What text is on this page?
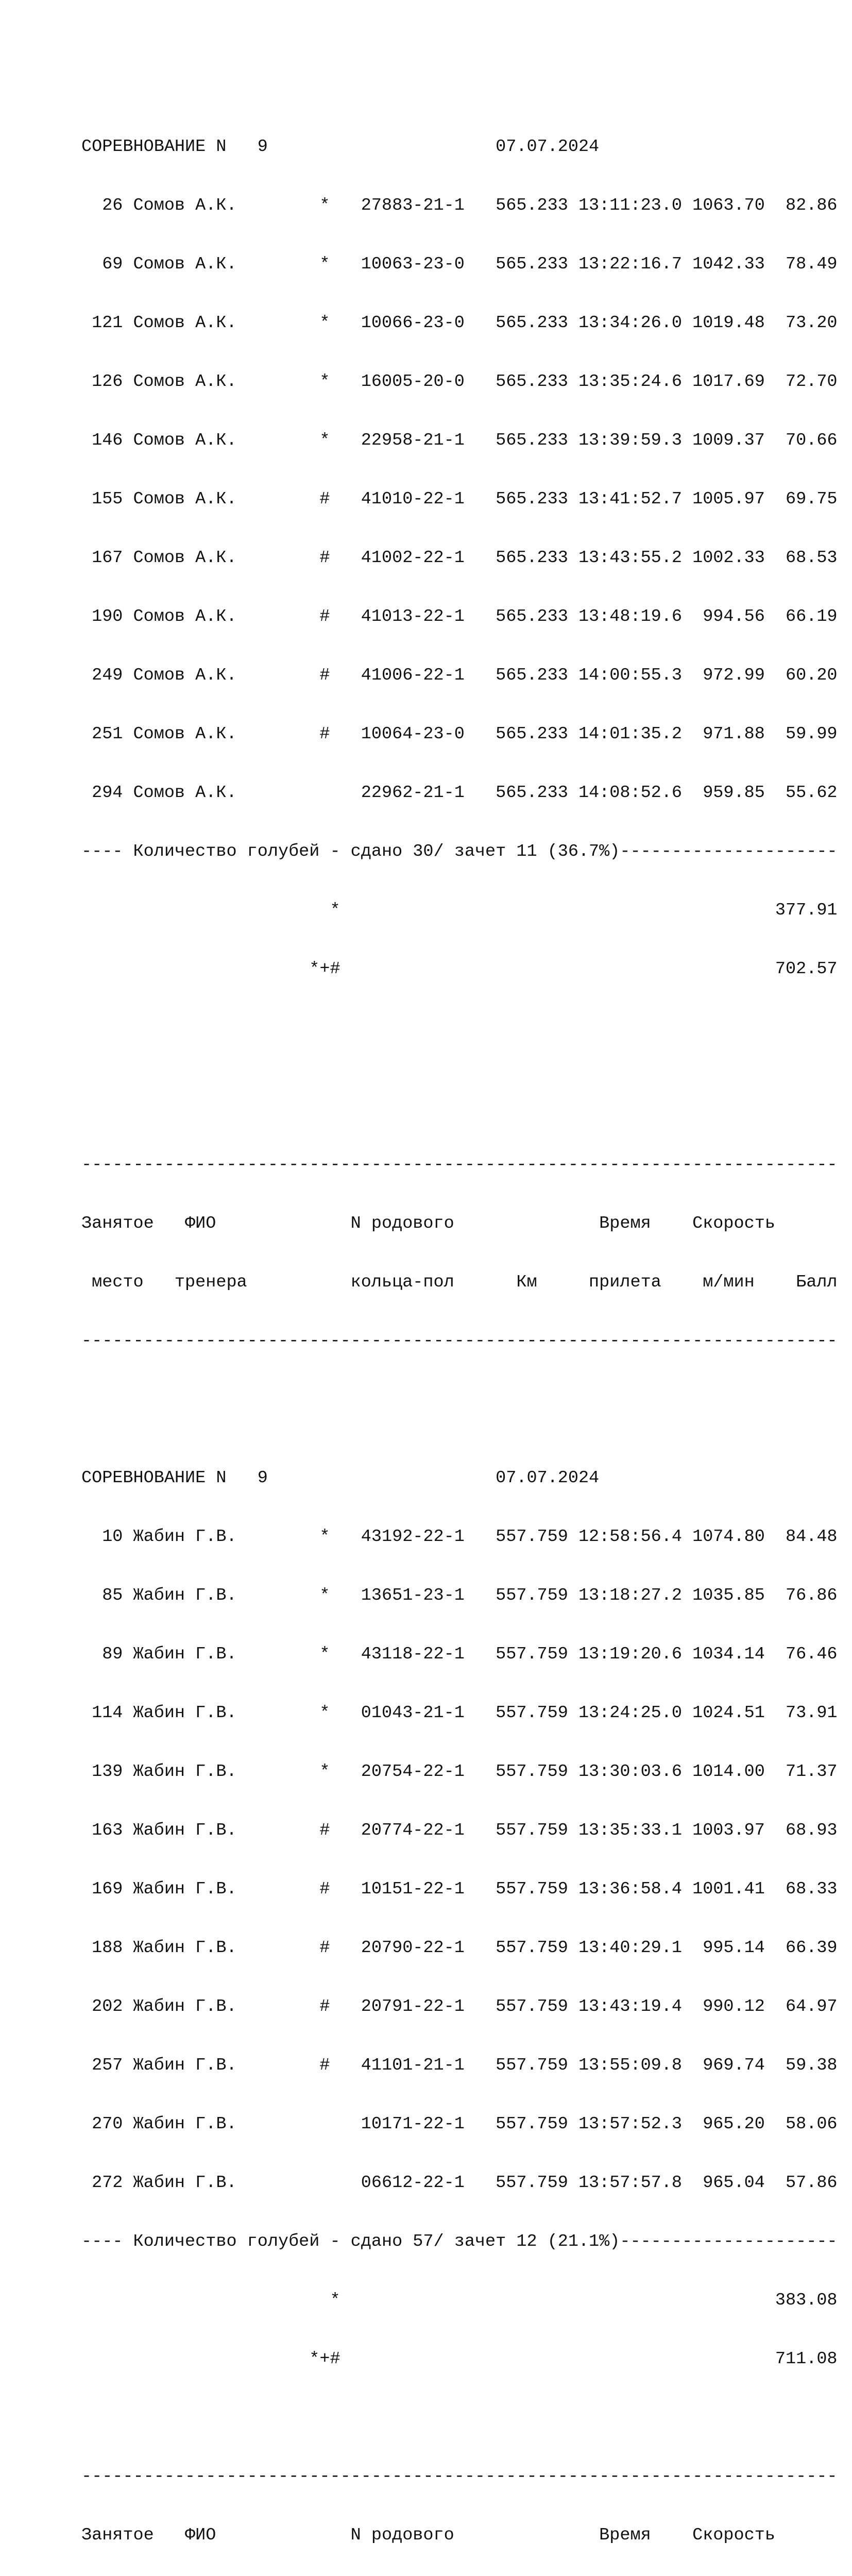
СОРЕВНОВАНИЕ N   9                      07.07.2024

26 Сомов А.К.        *   27883-21-1   565.233 13:11:23.0 1063.70  82.86

69 Сомов А.К.        *   10063-23-0   565.233 13:22:16.7 1042.33  78.49

121 Сомов А.К.        *   10066-23-0   565.233 13:34:26.0 1019.48  73.20

126 Сомов А.К.        *   16005-20-0   565.233 13:35:24.6 1017.69  72.70

146 Сомов А.К.        *   22958-21-1   565.233 13:39:59.3 1009.37  70.66

155 Сомов А.К.        #   41010-22-1   565.233 13:41:52.7 1005.97  69.75

167 Сомов А.К.        #   41002-22-1   565.233 13:43:55.2 1002.33  68.53

190 Сомов А.К.        #   41013-22-1   565.233 13:48:19.6  994.56  66.19

249 Сомов А.К.        #   41006-22-1   565.233 14:00:55.3  972.99  60.20

251 Сомов А.К.        #   10064-23-0   565.233 14:01:35.2  971.88  59.99

294 Сомов А.К.            22962-21-1   565.233 14:08:52.6  959.85  55.62

---- Количество голубей - сдано 30/ зачет 11 (36.7%)---------------------

*                                          377.91

*+#                                          702.57

-------------------------------------------------------------------------

Занятое   ФИО             N родового              Время    Скорость

место   тренера          кольца-пол      Км     прилета    м/мин    Балл

-------------------------------------------------------------------------

СОРЕВНОВАНИЕ N   9                      07.07.2024

10 Жабин Г.В.        *   43192-22-1   557.759 12:58:56.4 1074.80  84.48

85 Жабин Г.В.        *   13651-23-1   557.759 13:18:27.2 1035.85  76.86

89 Жабин Г.В.        *   43118-22-1   557.759 13:19:20.6 1034.14  76.46

114 Жабин Г.В.        *   01043-21-1   557.759 13:24:25.0 1024.51  73.91

139 Жабин Г.В.        *   20754-22-1   557.759 13:30:03.6 1014.00  71.37

163 Жабин Г.В.        #   20774-22-1   557.759 13:35:33.1 1003.97  68.93

169 Жабин Г.В.        #   10151-22-1   557.759 13:36:58.4 1001.41  68.33

188 Жабин Г.В.        #   20790-22-1   557.759 13:40:29.1  995.14  66.39

202 Жабин Г.В.        #   20791-22-1   557.759 13:43:19.4  990.12  64.97

257 Жабин Г.В.        #   41101-21-1   557.759 13:55:09.8  969.74  59.38

270 Жабин Г.В.            10171-22-1   557.759 13:57:52.3  965.20  58.06

272 Жабин Г.В.            06612-22-1   557.759 13:57:57.8  965.04  57.86

---- Количество голубей - сдано 57/ зачет 12 (21.1%)---------------------

*                                          383.08

*+#                                          711.08

-------------------------------------------------------------------------

Занятое   ФИО             N родового              Время    Скорость
